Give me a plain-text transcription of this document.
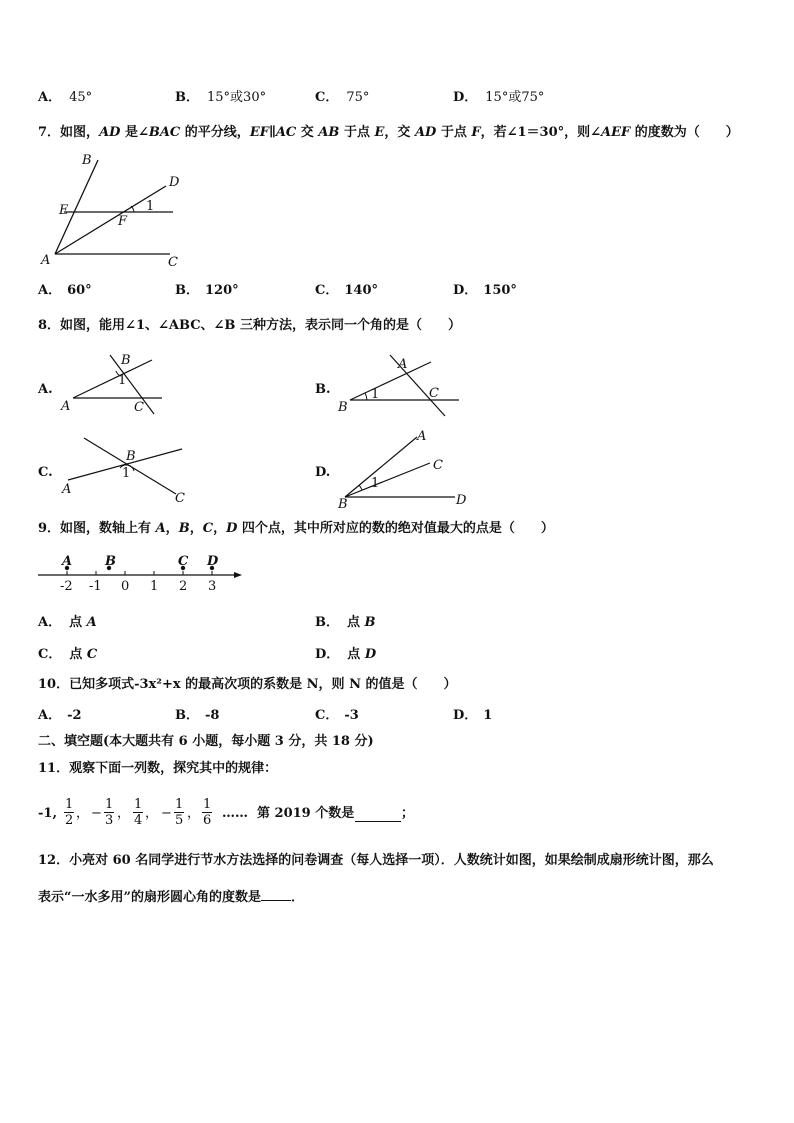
A． 45°	B． 15°或30°	C． 75°	D． 15°或75°
7．如图，AD 是∠BAC 的平分线，EF∥AC 交 AB 于点 E，交 AD 于点 F，若∠1＝30°，则∠AEF 的度数为（　　）
B
D
E
F
1
A	C
A． 60°	B． 120°	C． 140°	D． 150°
8．如图，能用∠1、∠ABC、∠B 三种方法，表示同一个角的是（　　）
A.
B
1
A	C
B.
A
1	C
B
C.
B
1
A
C
D.
A
C
1
B	D
9．如图，数轴上有 A，B，C，D 四个点，其中所对应的数的绝对值最大的点是（　　）
A	B	C D
-2 -1 0 1 2 3
A． 点 A	B． 点 B
C． 点 C	D． 点 D
10．已知多项式-3x²+x 的最高次项的系数是 N，则 N 的值是（　　）
A． -2	B． -8	C． -3	D． 1
二、填空题(本大题共有 6 小题，每小题 3 分，共 18 分)
11．观察下面一列数，探究其中的规律：
-1, $\frac{1}{2}$ ， − $\frac{1}{3}$ ， $\frac{1}{4}$ ， − $\frac{1}{5}$ ， $\frac{1}{6}$ …… 第 2019 个数是	；
12．小亮对 60 名同学进行节水方法选择的问卷调查（每人选择一项）．人数统计如图，如果绘制成扇形统计图，那么
表示“一水多用”的扇形圆心角的度数是 ．
